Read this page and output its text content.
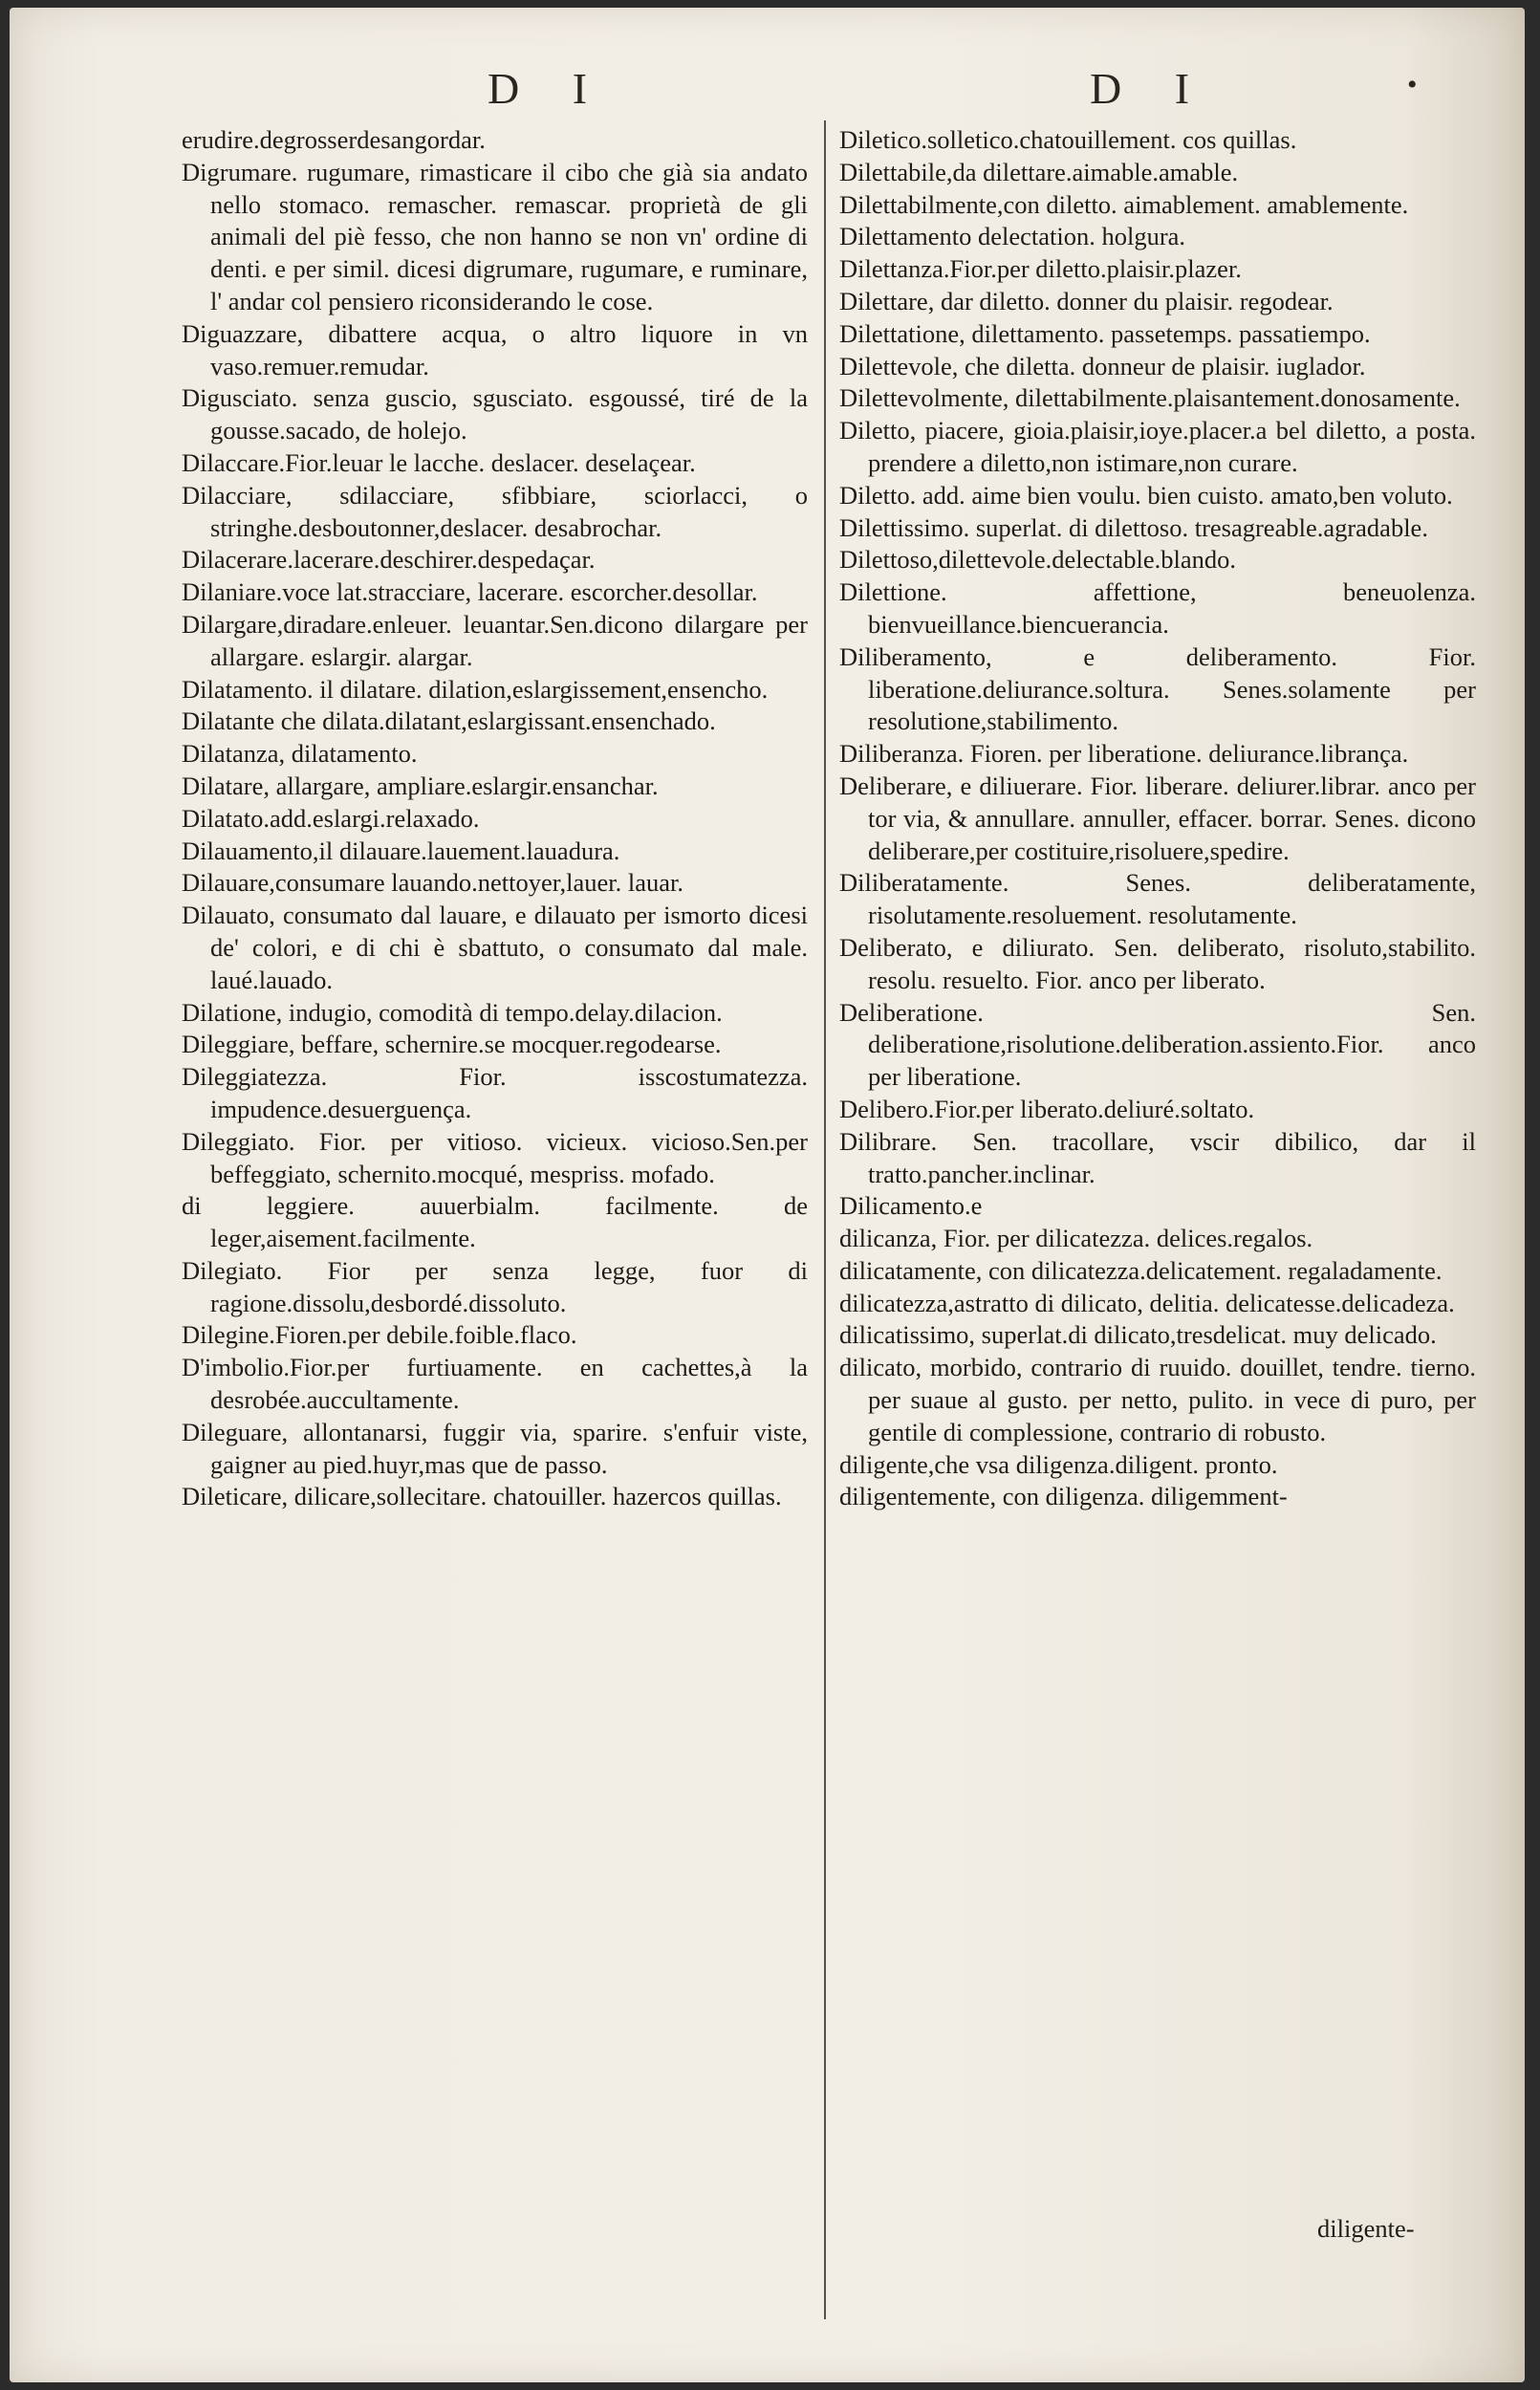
D I	D I	•

erudire.degrosserdesangordar.

Digrumare. rugumare, rimasticare il cibo che già sia andato nello stomaco. remascher. remascar. proprietà de gli animali del piè fesso, che non hanno se non vn' ordine di denti. e per simil. dicesi digrumare, rugumare, e ruminare, l' andar col pensiero riconsiderando le cose.

Diguazzare, dibattere acqua, o altro liquore in vn vaso.remuer.remudar.

Digusciato. senza guscio, sgusciato. esgoussé, tiré de la gousse.sacado, de holejo.

Dilaccare.Fior.leuar le lacche. deslacer. deselaçear.

Dilacciare, sdilacciare, sfibbiare, sciorlacci, o stringhe.desboutonner,deslacer. desabrochar.

Dilacerare.lacerare.deschirer.despedaçar.

Dilaniare.voce lat.stracciare, lacerare. escorcher.desollar.

Dilargare,diradare.enleuer. leuantar.Sen.dicono dilargare per allargare. eslargir. alargar.

Dilatamento. il dilatare. dilation,eslargissement,ensencho.

Dilatante che dilata.dilatant,eslargissant.ensenchado.

Dilatanza, dilatamento.

Dilatare, allargare, ampliare.eslargir.ensanchar.

Dilatato.add.eslargi.relaxado.

Dilauamento,il dilauare.lauement.lauadura.

Dilauare,consumare lauando.nettoyer,lauer. lauar.

Dilauato, consumato dal lauare, e dilauato per ismorto dicesi de' colori, e di chi è sbattuto, o consumato dal male. laué.lauado.

Dilatione, indugio, comodità di tempo.delay.dilacion.

Dileggiare, beffare, schernire.se mocquer.regodearse.

Dileggiatezza. Fior. isscostumatezza. impudence.desuerguença.

Dileggiato. Fior. per vitioso. vicieux. vicioso.Sen.per beffeggiato, schernito.mocqué, mespriss. mofado.

di leggiere. auuerbialm. facilmente. de leger,aisement.facilmente.

Dilegiato. Fior per senza legge, fuor di ragione.dissolu,desbordé.dissoluto.

Dilegine.Fioren.per debile.foible.flaco.

D'imbolio.Fior.per furtiuamente. en cachettes,à la desrobée.auccultamente.

Dileguare, allontanarsi, fuggir via, sparire. s'enfuir viste, gaigner au pied.huyr,mas que de passo.

Dileticare, dilicare,sollecitare. chatouiller. hazercos quillas.

Diletico.solletico.chatouillement. cos quillas.

Dilettabile,da dilettare.aimable.amable.

Dilettabilmente,con diletto. aimablement. amablemente.

Dilettamento delectation. holgura.

Dilettanza.Fior.per diletto.plaisir.plazer.

Dilettare, dar diletto. donner du plaisir. regodear.

Dilettatione, dilettamento. passetemps. passatiempo.

Dilettevole, che diletta. donneur de plaisir. iuglador.

Dilettevolmente, dilettabilmente.plaisantement.donosamente.

Diletto, piacere, gioia.plaisir,ioye.placer.a bel diletto, a posta. prendere a diletto,non istimare,non curare.

Diletto. add. aime bien voulu. bien cuisto. amato,ben voluto.

Dilettissimo. superlat. di dilettoso. tresagreable.agradable.

Dilettoso,dilettevole.delectable.blando.

Dilettione. affettione, beneuolenza. bienvueillance.biencuerancia.

Diliberamento, e deliberamento. Fior. liberatione.deliurance.soltura. Senes.solamente per resolutione,stabilimento.

Diliberanza. Fioren. per liberatione. deliurance.librança.

Deliberare, e diliuerare. Fior. liberare. deliurer.librar. anco per tor via, & annullare. annuller, effacer. borrar. Senes. dicono deliberare,per costituire,risoluere,spedire.

Diliberatamente. Senes. deliberatamente, risolutamente.resoluement. resolutamente.

Deliberato, e diliurato. Sen. deliberato, risoluto,stabilito. resolu. resuelto. Fior. anco per liberato.

Deliberatione. Sen. deliberatione,risolutione.deliberation.assiento.Fior. anco per liberatione.

Delibero.Fior.per liberato.deliuré.soltato.

Dilibrare. Sen. tracollare, vscir dibilico, dar il tratto.pancher.inclinar.

Dilicamento.e

dilicanza, Fior. per dilicatezza. delices.regalos.

dilicatamente, con dilicatezza.delicatement. regaladamente.

dilicatezza,astratto di dilicato, delitia. delicatesse.delicadeza.

dilicatissimo, superlat.di dilicato,tresdelicat. muy delicado.

dilicato, morbido, contrario di ruuido. douillet, tendre. tierno. per suaue al gusto. per netto, pulito. in vece di puro, per gentile di complessione, contrario di robusto.

diligente,che vsa diligenza.diligent. pronto.

diligentemente, con diligenza. diligemment-

diligente-
